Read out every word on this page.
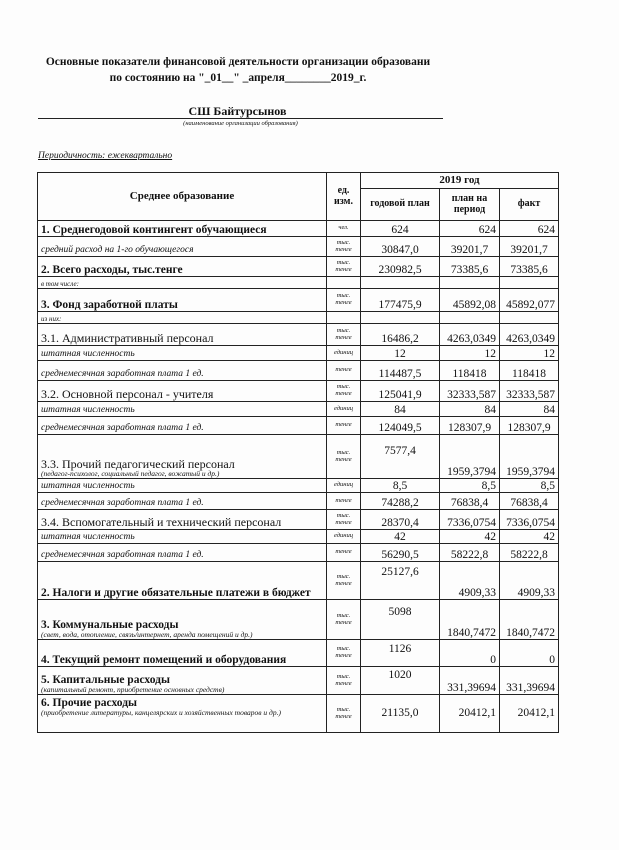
Основные показатели финансовой деятельности организации образовани
по состоянию на "_01__" _апреля________2019_г.
СШ Байтурсынов
(наименование организации образования)
Периодичность: ежеквартально
Среднее образование	ед. изм.	2019 год		
		годовой план	план на период	факт
1. Среднегодовой контингент обучающиеся	чел.	624	624	624
средний расход на 1-го обучающегося	тыс. тенге	30847,0	39201,7	39201,7
2. Всего расходы, тыс.тенге	тыс. тенге	230982,5	73385,6	73385,6
в том числе:				
3. Фонд заработной платы	тыс. тенге	177475,9	45892,08	45892,077
из них:				
3.1. Административный персонал	тыс. тенге	16486,2	4263,0349	4263,0349
штатная численность	единиц	12	12	12
среднемесячная заработная плата 1 ед.	тенге	114487,5	118418	118418
3.2. Основной персонал - учителя	тыс. тенге	125041,9	32333,587	32333,587
штатная численность	единиц	84	84	84
среднемесячная заработная плата 1 ед.	тенге	124049,5	128307,9	128307,9
3.3. Прочий педагогический персонал
(педагог-психолог, социальный педагог, вожатый и др.)	тыс. тенге	7577,4	1959,3794	1959,3794
штатная численность	единиц	8,5	8,5	8,5
среднемесячная заработная плата 1 ед.	тенге	74288,2	76838,4	76838,4
3.4. Вспомогательный и технический персонал	тыс. тенге	28370,4	7336,0754	7336,0754
штатная численность	единиц	42	42	42
среднемесячная заработная плата 1 ед.	тенге	56290,5	58222,8	58222,8
2. Налоги и другие обязательные платежи в бюджет	тыс. тенге	25127,6	4909,33	4909,33
3. Коммунальные расходы
(свет, вода, отопление, связь/интернет, аренда помещений и др.)	тыс. тенге	5098	1840,7472	1840,7472
4. Текущий ремонт помещений и оборудования	тыс. тенге	1126	0	0
5. Капитальные расходы
(капитальный ремонт, приобретение основных средств)	тыс. тенге	1020	331,39694	331,39694
6. Прочие расходы
(приобретение литературы, канцелярских и хозяйственных товаров и др.)	тыс. тенге	21135,0	20412,1	20412,1
